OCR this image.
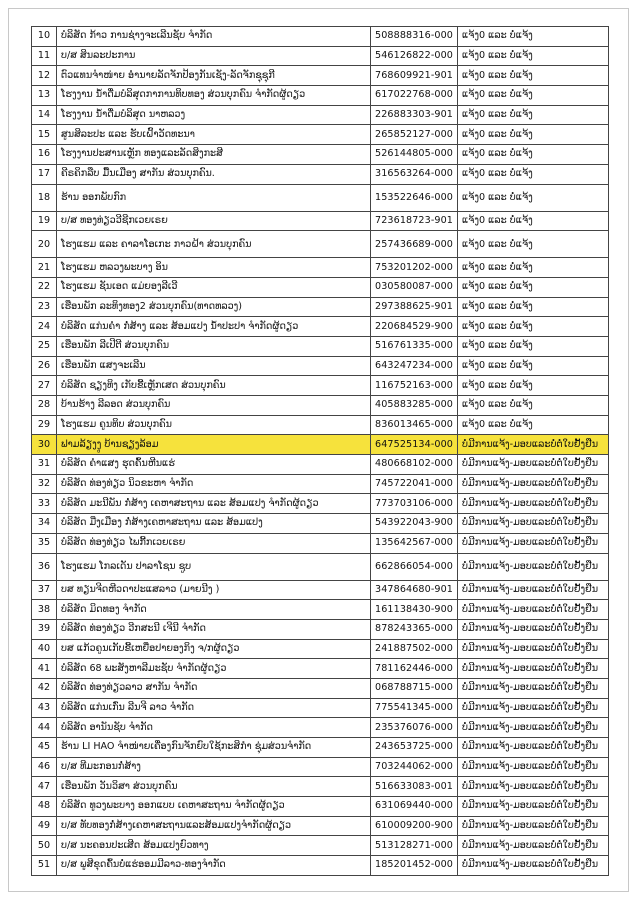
10	ບໍລິສັດ ກ້າວ ການຊ່າງຈະເລີນຊັບ ຈຳກັດ	508888316-000	ແຈ້ງ0 ແລະ ບໍ່ແຈ້ງ
11	ບ/ສ ສິນລະປະການ	546126822-000	ແຈ້ງ0 ແລະ ບໍ່ແຈ້ງ
12	ຕົວແທນຈຳໜ່າຍ ອຳນາຍລັດຈັກປ້ອງກັນເຊັງ-ລັດຈັກຊຸຊຸກີ	768609921-901	ແຈ້ງ0 ແລະ ບໍ່ແຈ້ງ
13	ໂຮງງານ ນ້ຳດື່ມບໍລິສຸດກາການທິບທອງ ສ່ວນບຸກຄົນ ຈຳກັດຜູ້ດຽວ	617022768-000	ແຈ້ງ0 ແລະ ບໍ່ແຈ້ງ
14	ໂຮງງານ ນ້ຳດື່ມບໍລິສຸດ ນາຫລວງ	226883303-901	ແຈ້ງ0 ແລະ ບໍ່ແຈ້ງ
15	ສູນສິລະປະ ແລະ ຮັບເຝົ້າວັດທະນາ	265852127-000	ແຈ້ງ0 ແລະ ບໍ່ແຈ້ງ
16	ໂຮງງານປະສານເຫຼັກ ທອງແລະລັດສິງກະສີ	526144805-000	ແຈ້ງ0 ແລະ ບໍ່ແຈ້ງ
17	ຄີຣຄິກລືບ ມື້ນເມືອງ ສາກັນ ສ່ວນບຸກຄົນ.	316563264-000	ແຈ້ງ0 ແລະ ບໍ່ແຈ້ງ
18	ຮ້ານ ອອກພັບກົກ	153522646-000	ແຈ້ງ0 ແລະ ບໍ່ແຈ້ງ
19	ບ/ສ ທອງທ່ຽວວີຊີກເວຍເຣຍ	723618723-901	ແຈ້ງ0 ແລະ ບໍ່ແຈ້ງ
20	ໂຮງແຮມ ແລະ ຄາລາໂອເກະ ກາວຝ້າ ສ່ວນບຸກຄົນ	257436689-000	ແຈ້ງ0 ແລະ ບໍ່ແຈ້ງ
21	ໂຮງແຮມ ຫລວງພະບາງ ອິນ	753201202-000	ແຈ້ງ0 ແລະ ບໍ່ແຈ້ງ
22	ໂຮງແຮມ ຊັນເອດ ແມ່ຍອງລີເວີ	030580087-000	ແຈ້ງ0 ແລະ ບໍ່ແຈ້ງ
23	ເຮືອນພັກ ລະທິງທອງ2 ສ່ວນບຸກຄົນ(ທາດທລວງ)	297388625-901	ແຈ້ງ0 ແລະ ບໍ່ແຈ້ງ
24	ບໍລິສັດ ແກ່ນຄຳ ກໍ່ສ້າງ ແລະ ສ້ອມແປງ ນ້ຳປະປາ ຈຳກັດຜູ້ດຽວ	220684529-900	ແຈ້ງ0 ແລະ ບໍ່ແຈ້ງ
25	ເຮືອນພັກ ລີເປີຕີ ສ່ວນບຸກຄົນ	516761335-000	ແຈ້ງ0 ແລະ ບໍ່ແຈ້ງ
26	ເຮືອນພັກ ແສງຈະເລີນ	643247234-000	ແຈ້ງ0 ແລະ ບໍ່ແຈ້ງ
27	ບໍລິສັດ ຊຽງທິງ ເກັບຂີ້ເຫຼັກເສດ ສ່ວນບຸກຄົນ	116752163-000	ແຈ້ງ0 ແລະ ບໍ່ແຈ້ງ
28	ບ້ານຮ້າງ ລີລອດ ສ່ວນບຸກຄົນ	405883285-000	ແຈ້ງ0 ແລະ ບໍ່ແຈ້ງ
29	ໂຮງແຮມ ຄູນທິບ ສ່ວນບຸກຄົນ	836013465-000	ແຈ້ງ0 ແລະ ບໍ່ແຈ້ງ
30	ຟາມລ້ຽງງູ ບ້ານຊຽງລ້ອມ	647525134-000	ບໍ່ມີການແຈ້ງ-ມອບແລະບໍ່ຕໍ່ໃບຢັ້ງຢືນ
31	ບໍລິສັດ ຄຳແສງ ຮຸດຄົ້ນຫີນແຮ່	480668102-000	ບໍ່ມີການແຈ້ງ-ມອບແລະບໍ່ຕໍ່ໃບຢັ້ງຢືນ
32	ບໍລິສັດ ທ່ອງທ່ຽວ ນິວຂະຫາ ຈຳກັດ	745722041-000	ບໍ່ມີການແຈ້ງ-ມອບແລະບໍ່ຕໍ່ໃບຢັ້ງຢືນ
33	ບໍລິສັດ ມະນີພັນ ກໍ່ສ້າງ ເຄຫາສະຖານ ແລະ ສ້ອມແປງ ຈຳກັດຜູ້ດຽວ	773703106-000	ບໍ່ມີການແຈ້ງ-ມອບແລະບໍ່ຕໍ່ໃບຢັ້ງຢືນ
34	ບໍລິສັດ ມີ່ງເມືອງ ກໍ່ສ້າງເຄຫາສະຖານ ແລະ ສ້ອມແປງ	543922043-900	ບໍ່ມີການແຈ້ງ-ມອບແລະບໍ່ຕໍ່ໃບຢັ້ງຢືນ
35	ບໍລິສັດ ທ່ອງທ່ຽວ ໄພກີ້ກເວຍເຣຍ	135642567-000	ບໍ່ມີການແຈ້ງ-ມອບແລະບໍ່ຕໍ່ໃບຢັ້ງຢືນ
36	ໂຮງແຮມ ໂກລເດັນ ປາລາໂຊນ ຊູບ	662866054-000	ບໍ່ມີການແຈ້ງ-ມອບແລະບໍ່ຕໍ່ໃບຢັ້ງຢືນ
37	ບສ ທຽນຈີດຫີວດາປະແສລາວ (ມາຍນີງ )	347864680-901	ບໍ່ມີການແຈ້ງ-ມອບແລະບໍ່ຕໍ່ໃບຢັ້ງຢືນ
38	ບໍລິສັດ ມິດທອງ ຈຳກັດ	161138430-900	ບໍ່ມີການແຈ້ງ-ມອບແລະບໍ່ຕໍ່ໃບຢັ້ງຢືນ
39	ບໍລິສັດ ທ່ອງທ່ຽວ ວີກສະນີ ເຈີນີ ຈຳກັດ	878243365-000	ບໍ່ມີການແຈ້ງ-ມອບແລະບໍ່ຕໍ່ໃບຢັ້ງຢືນ
40	ບສ ແກ້ວຄູນເກັບຂີ້ເຫຍື່ອປາຍອງກິງ ຈ/ກຜູ້ດຽວ	241887502-000	ບໍ່ມີການແຈ້ງ-ມອບແລະບໍ່ຕໍ່ໃບຢັ້ງຢືນ
41	ບໍລິສັດ 68 ພະສັງຫາລີມະຊັບ ຈຳກັດຜູ້ດຽວ	781162446-000	ບໍ່ມີການແຈ້ງ-ມອບແລະບໍ່ຕໍ່ໃບຢັ້ງຢືນ
42	ບໍລິສັດ ທ່ອງທ່ຽວລາວ ສາກັນ ຈຳກັດ	068788715-000	ບໍ່ມີການແຈ້ງ-ມອບແລະບໍ່ຕໍ່ໃບຢັ້ງຢືນ
43	ບໍລິສັດ ແກ່ນເກົ່ນ ລີນຈີ ລາວ ຈຳກັດ	775541345-000	ບໍ່ມີການແຈ້ງ-ມອບແລະບໍ່ຕໍ່ໃບຢັ້ງຢືນ
44	ບໍລິສັດ ອານັນຊັບ ຈຳກັດ	235376076-000	ບໍ່ມີການແຈ້ງ-ມອບແລະບໍ່ຕໍ່ໃບຢັ້ງຢືນ
45	ຮ້ານ LI HAO ຈຳໜ່າຍເຄື່ອງກົນຈັກຍົບໃຊ້ກະສິກຳ ຊຸ່ມສ່ວນຈຳກັດ	243653725-000	ບໍ່ມີການແຈ້ງ-ມອບແລະບໍ່ຕໍ່ໃບຢັ້ງຢືນ
46	ບ/ສ ທີມະກອນກໍ່ສ້າງ	703244062-000	ບໍ່ມີການແຈ້ງ-ມອບແລະບໍ່ຕໍ່ໃບຢັ້ງຢືນ
47	ເຮືອນພັກ ວັນວິສາ ສ່ວນບຸກຄົນ	516633083-001	ບໍ່ມີການແຈ້ງ-ມອບແລະບໍ່ຕໍ່ໃບຢັ້ງຢືນ
48	ບໍລິສັດ ທູວງພະບາງ ອອກແບບ ເຄຫາສະຖານ ຈຳກັດຜູ້ດຽວ	631069440-000	ບໍ່ມີການແຈ້ງ-ມອບແລະບໍ່ຕໍ່ໃບຢັ້ງຢືນ
49	ບ/ສ ທັບທອງກໍ່ສ້າງເຄຫາສະຖານແລະສ້ອມແປງຈຳກັດຜູ້ດຽວ	610009200-900	ບໍ່ມີການແຈ້ງ-ມອບແລະບໍ່ຕໍ່ໃບຢັ້ງຢືນ
50	ບ/ສ ນະຄອນປະເສີດ ສ້ອມແປງຍົວທາງ	513128271-000	ບໍ່ມີການແຈ້ງ-ມອບແລະບໍ່ຕໍ່ໃບຢັ້ງຢືນ
51	ບ/ສ ພູສີຂຸດຄົ້ນບໍ່ແຮ່ອອມມີລາວ-ທອງຈຳກັດ	185201452-000	ບໍ່ມີການແຈ້ງ-ມອບແລະບໍ່ຕໍ່ໃບຢັ້ງຢືນ
